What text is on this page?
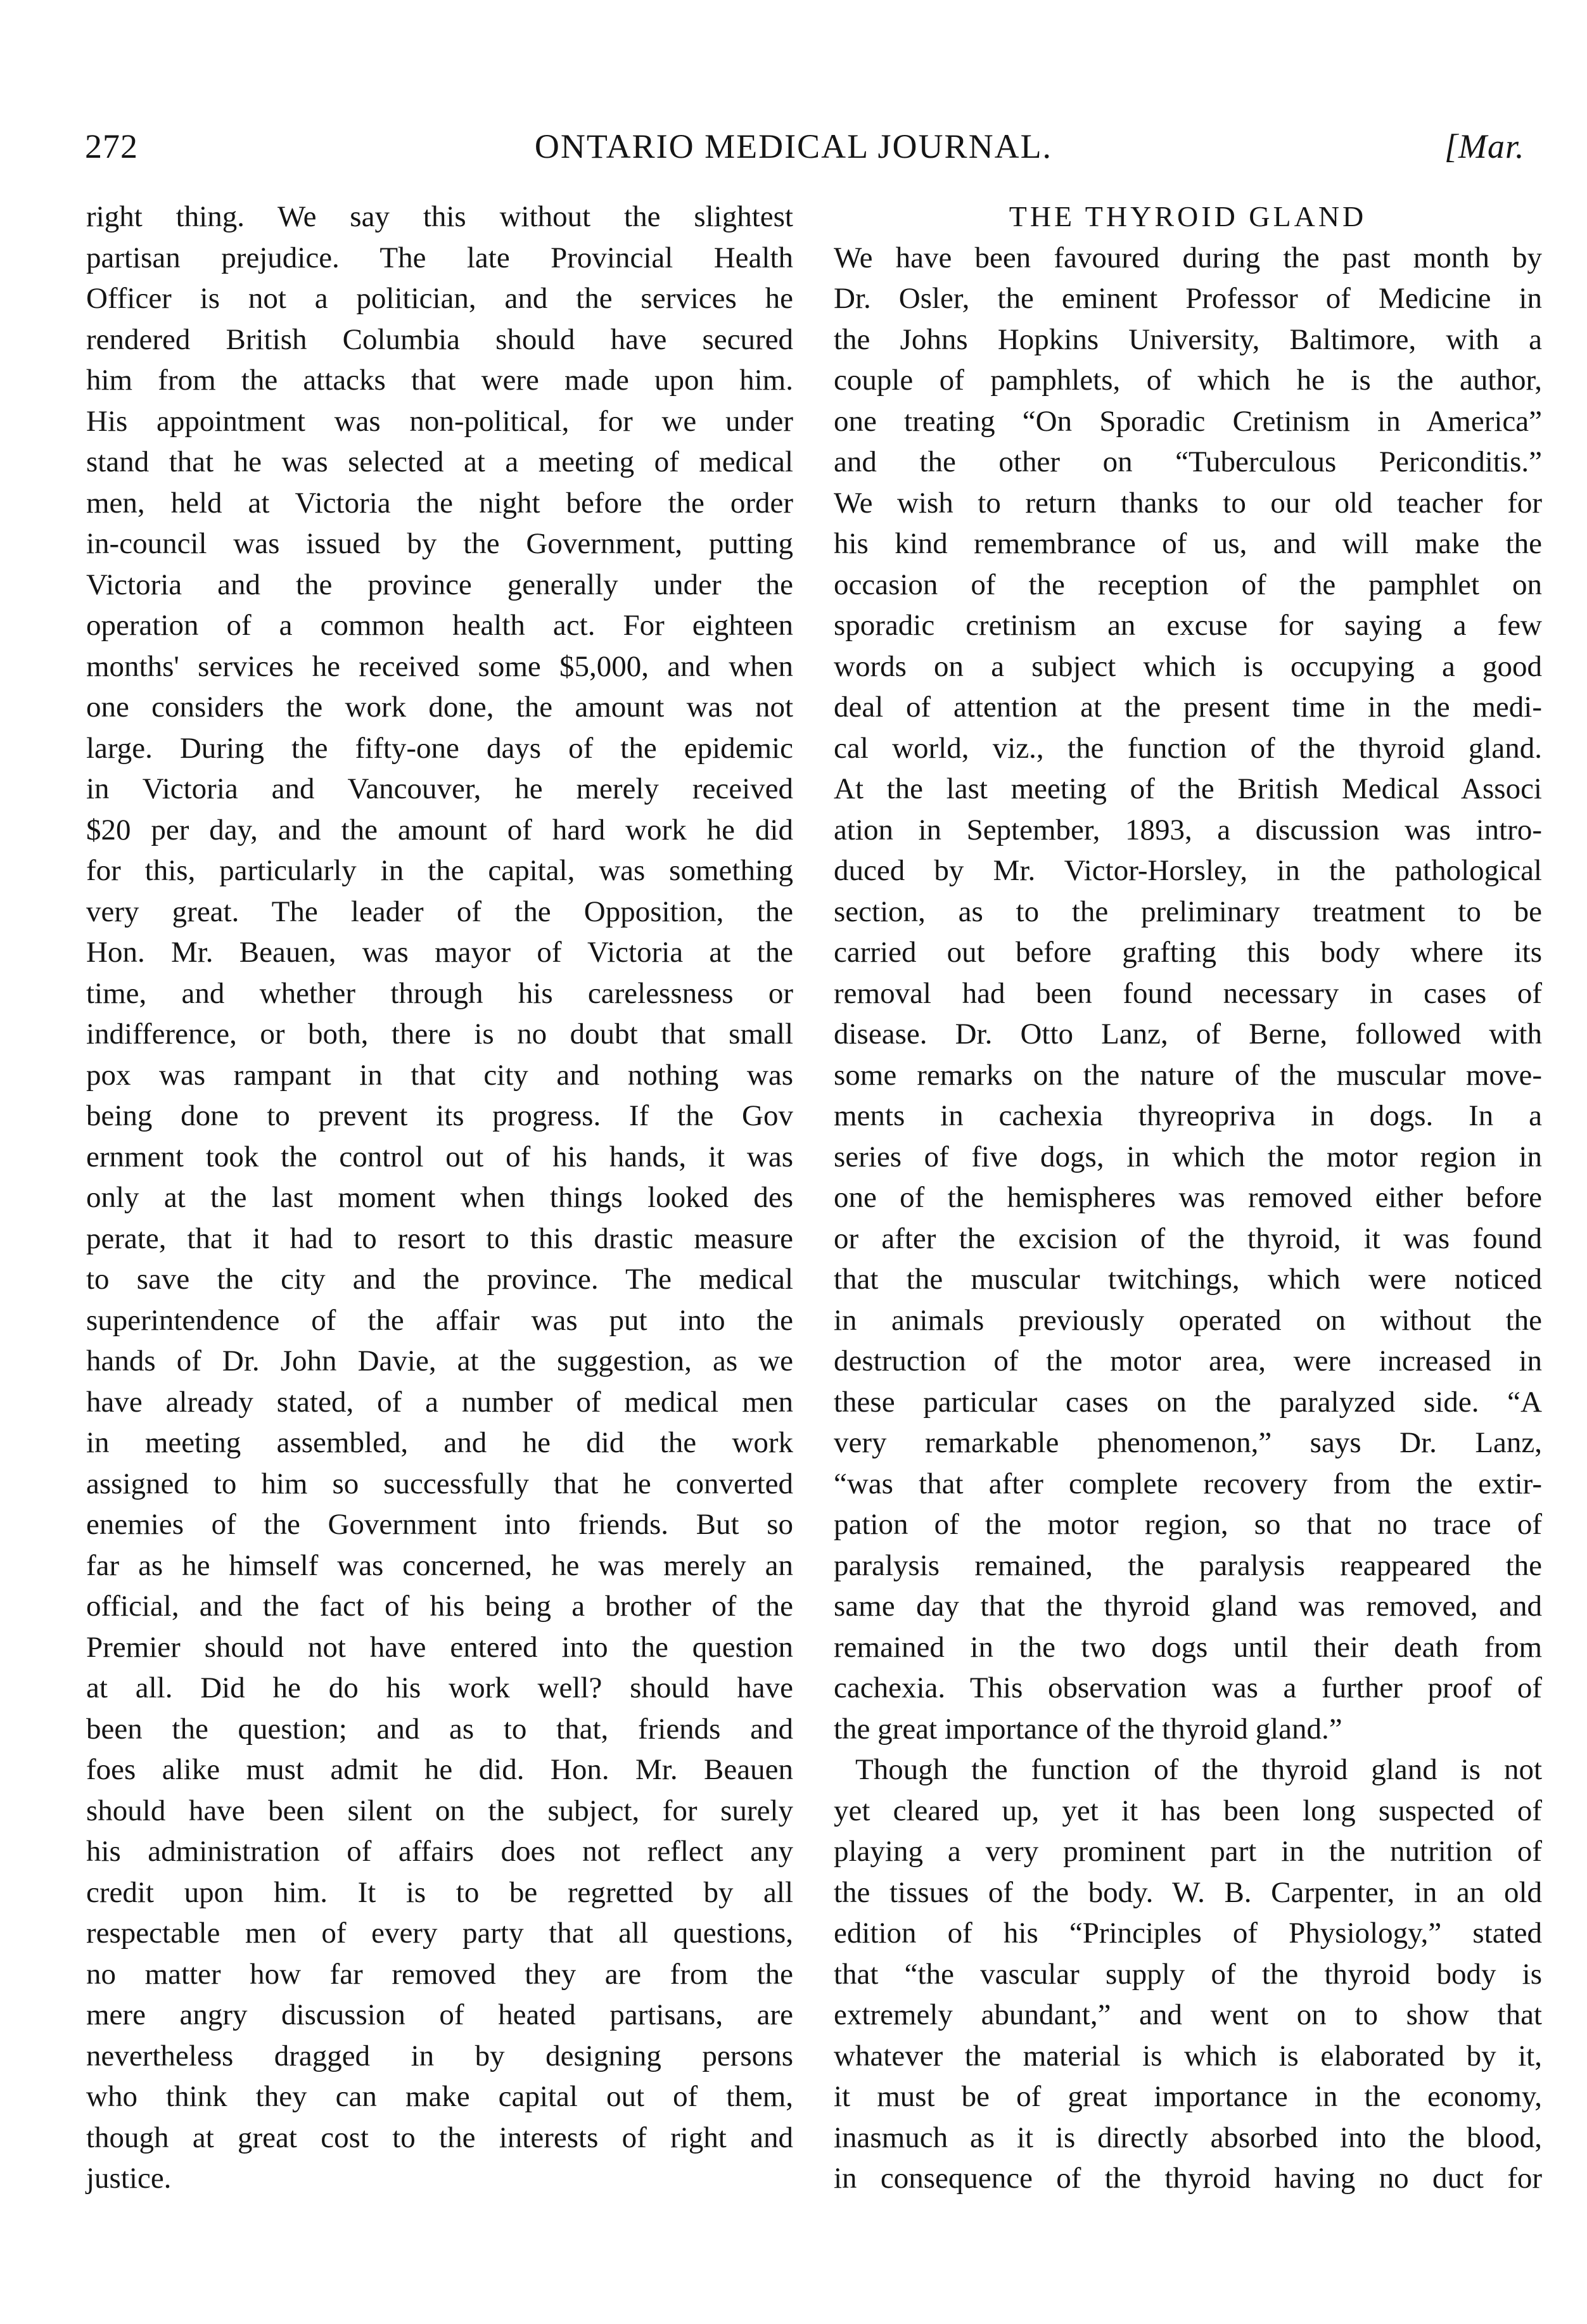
272	ONTARIO MEDICAL JOURNAL.	[Mar.
right thing. We say this without the slightest
partisan prejudice. The late Provincial Health
Officer is not a politician, and the services he
rendered British Columbia should have secured
him from the attacks that were made upon him.
His appointment was non-political, for we under
stand that he was selected at a meeting of medical
men, held at Victoria the night before the order
in-council was issued by the Government, putting
Victoria and the province generally under the
operation of a common health act. For eighteen
months' services he received some $5,000, and when
one considers the work done, the amount was not
large. During the fifty-one days of the epidemic
in Victoria and Vancouver, he merely received
$20 per day, and the amount of hard work he did
for this, particularly in the capital, was something
very great. The leader of the Opposition, the
Hon. Mr. Beauen, was mayor of Victoria at the
time, and whether through his carelessness or
indifference, or both, there is no doubt that small
pox was rampant in that city and nothing was
being done to prevent its progress. If the Gov
ernment took the control out of his hands, it was
only at the last moment when things looked des
perate, that it had to resort to this drastic measure
to save the city and the province. The medical
superintendence of the affair was put into the
hands of Dr. John Davie, at the suggestion, as we
have already stated, of a number of medical men
in meeting assembled, and he did the work
assigned to him so successfully that he converted
enemies of the Government into friends. But so
far as he himself was concerned, he was merely an
official, and the fact of his being a brother of the
Premier should not have entered into the question
at all. Did he do his work well? should have
been the question; and as to that, friends and
foes alike must admit he did. Hon. Mr. Beauen
should have been silent on the subject, for surely
his administration of affairs does not reflect any
credit upon him. It is to be regretted by all
respectable men of every party that all questions,
no matter how far removed they are from the
mere angry discussion of heated partisans, are
nevertheless dragged in by designing persons
who think they can make capital out of them,
though at great cost to the interests of right and
justice.
THE THYROID GLAND
We have been favoured during the past month by
Dr. Osler, the eminent Professor of Medicine in
the Johns Hopkins University, Baltimore, with a
couple of pamphlets, of which he is the author,
one treating “On Sporadic Cretinism in America”
and the other on “Tuberculous Periconditis.”
We wish to return thanks to our old teacher for
his kind remembrance of us, and will make the
occasion of the reception of the pamphlet on
sporadic cretinism an excuse for saying a few
words on a subject which is occupying a good
deal of attention at the present time in the medi-
cal world, viz., the function of the thyroid gland.
At the last meeting of the British Medical Associ
ation in September, 1893, a discussion was intro-
duced by Mr. Victor-Horsley, in the pathological
section, as to the preliminary treatment to be
carried out before grafting this body where its
removal had been found necessary in cases of
disease. Dr. Otto Lanz, of Berne, followed with
some remarks on the nature of the muscular move-
ments in cachexia thyreopriva in dogs. In a
series of five dogs, in which the motor region in
one of the hemispheres was removed either before
or after the excision of the thyroid, it was found
that the muscular twitchings, which were noticed
in animals previously operated on without the
destruction of the motor area, were increased in
these particular cases on the paralyzed side. “A
very remarkable phenomenon,” says Dr. Lanz,
“was that after complete recovery from the extir-
pation of the motor region, so that no trace of
paralysis remained, the paralysis reappeared the
same day that the thyroid gland was removed, and
remained in the two dogs until their death from
cachexia. This observation was a further proof of
the great importance of the thyroid gland.”
Though the function of the thyroid gland is not
yet cleared up, yet it has been long suspected of
playing a very prominent part in the nutrition of
the tissues of the body. W. B. Carpenter, in an old
edition of his “Principles of Physiology,” stated
that “the vascular supply of the thyroid body is
extremely abundant,” and went on to show that
whatever the material is which is elaborated by it,
it must be of great importance in the economy,
inasmuch as it is directly absorbed into the blood,
in consequence of the thyroid having no duct for
